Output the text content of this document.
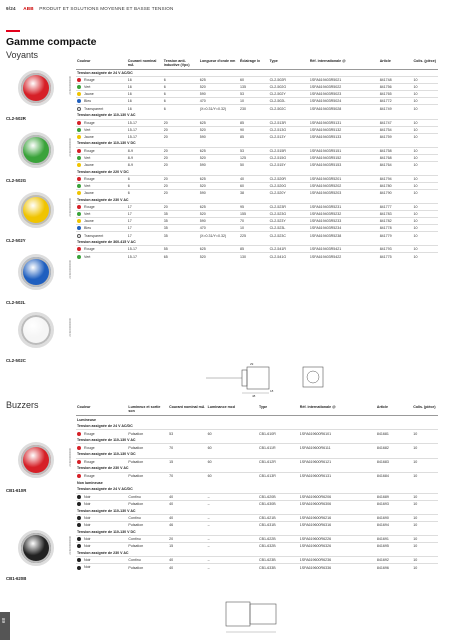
9/24 ABB PRODUIT ET SOLUTIONS MOYENNE ET BASSE TENSION
Gamme compacte
Voyants
CL2-502R
2CDC00000000
CL2-502G
2CDC00000000
CL2-502Y
2CDC00000000
CL2-502L
2CDC00000000
CL2-502C
2CDC00000000
Couleur	Courant nominal mA	Tension anti-inductive (Vpc)	Longueur d'onde nm	Éclairage lx	Type	Réf. internationale @	Article	Colis. (pièce)
Tension assignée de 24 V AC/DC								
Rouge	16	6	625	60	CL2-502R	1SFA619403R5021	841748	10
Vert	16	6	520	135	CL2-502G	1SFA619403R5022	841756	10
Jaune	16	6	590	53	CL2-502Y	1SFA619403R5023	841765	10
Bleu	16	6	470	10	CL2-502L	1SFA619403R5024	841772	10
Transparent	16	6	(X=0.31/Y=0.32)	230	CL2-502C	1SFA619403R5028	841749	10
Tension assignée de 110-130 V AC								
Rouge	15-17	20	625	85	CL2-513R	1SFA619403R5131	841747	10
Vert	15-17	20	520	90	CL2-513G	1SFA619403R5132	841754	10
Jaune	15-17	20	590	85	CL2-513Y	1SFA619403R5133	841759	10
Tension assignée de 110-130 V DC								
Rouge	8-9	20	625	53	CL2-515R	1SFA619403R5151	841758	10
Vert	8-9	20	520	125	CL2-515G	1SFA619403R5152	841768	10
Jaune	8-9	20	590	50	CL2-515Y	1SFA619403R5153	841764	10
Tension assignée de 220 V DC								
Rouge	6	20	625	40	CL2-520R	1SFA619403R5201	841794	10
Vert	6	20	520	60	CL2-520G	1SFA619403R5202	841780	10
Jaune	6	20	590	38	CL2-520Y	1SFA619403R5203	841790	10
Tension assignée de 230 V AC								
Rouge	17	20	625	95	CL2-523R	1SFA619403R5231	841777	10
Vert	17	35	520	155	CL2-523G	1SFA619403R5232	841783	10
Jaune	17	35	590	70	CL2-523Y	1SFA619403R5233	841782	10
Bleu	17	35	470	10	CL2-523L	1SFA619403R5234	841778	10
Transparent	17	35	(X=0.31/Y=0.32)	225	CL2-523C	1SFA619403R5238	841779	10
Tension assignée de 360-415 V AC								
Rouge	15-17	55	625	85	CL2-541R	1SFA619403R5421	841793	10
Vert	15-17	65	520	130	CL2-541G	1SFA619403R5422	841775	10
48
18
29
Buzzers
CB1-610R
2CDC00000000
CB1-620B
2CDC00000000
Couleur	Lumineux et sortie son	Courant nominal mA	Luminance mcd	Type	Réf. internationale @	Article	Colis. (pièce)
Lumineuse							
Tension assignée de 24 V AC/DC							
Rouge	Pulsation	53	60	CB1-610R	1SFA619600R6101	841681	10
Tension assignée de 110-130 V AC							
Rouge	Pulsation	70	60	CB1-611R	1SFA619600R6111	841682	10
Tension assignée de 110-130 V DC							
Rouge	Pulsation	15	60	CB1-612R	1SFA619600R6121	841683	10
Tension assignée de 230 V AC							
Rouge	Pulsation	70	60	CB1-613R	1SFA619600R6131	841684	10
Non lumineuse							
Tension assignée de 24 V AC/DC							
Noir	Continu	40	–	CB1-620B	1SFA619600R6206	841689	10
Noir	Pulsation	40	–	CB1-630B	1SFA619600R6306	841693	10
Tension assignée de 110-130 V AC							
Noir	Continu	40	–	CB1-621B	1SFA619600R6216	841690	10
Noir	Pulsation	46	–	CB1-631B	1SFA619600R6316	841694	10
Tension assignée de 110-130 V DC							
Noir	Continu	20	–	CB1-622B	1SFA619600R6226	841691	10
Noir	Pulsation	15	–	CB1-632B	1SFA619600R6326	841695	10
Tension assignée de 230 V AC							
Noir	Continu	40	–	CB1-623B	1SFA619600R6236	841692	10
Noir	Pulsation	40	–	CB1-633B	1SFA619600R6336	841696	10
68
